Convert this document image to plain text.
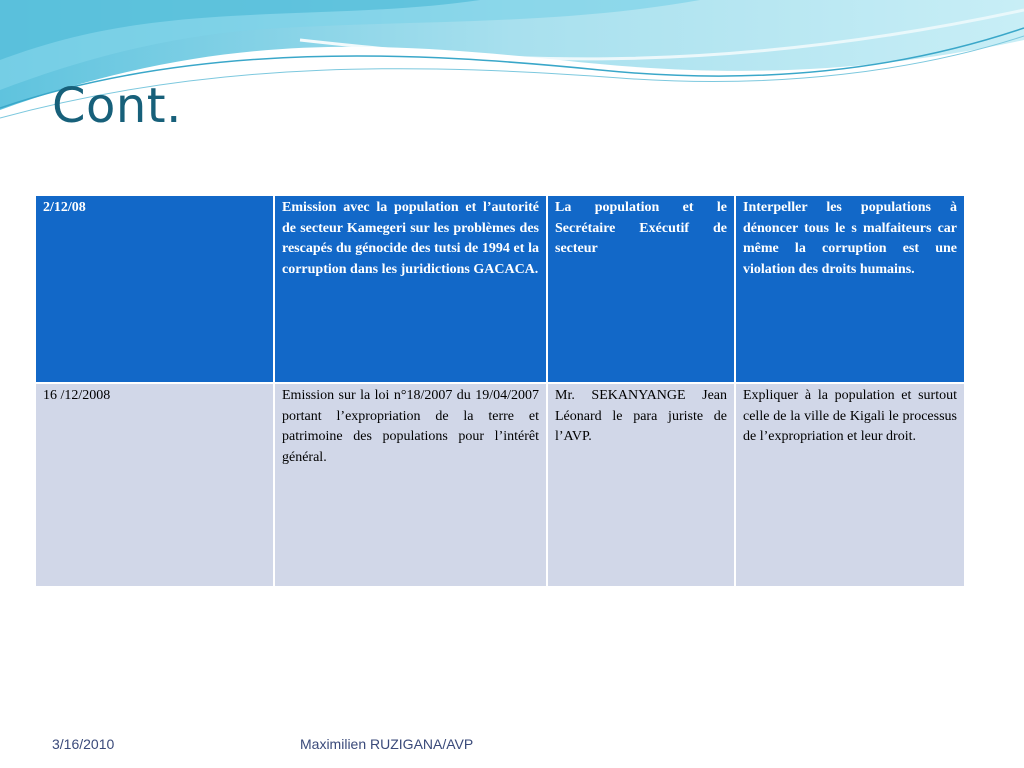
Cont.
2/12/08	Emission avec la population et l’autorité de secteur Kamegeri sur les problèmes des rescapés du génocide des tutsi de 1994 et la corruption dans les juridictions GACACA.	La population et le Secrétaire Exécutif de secteur	Interpeller les populations à dénoncer tous le s malfaiteurs car même la corruption est une violation des droits humains.
16 /12/2008	Emission sur la loi n°18/2007 du 19/04/2007 portant l’expropriation de la terre et patrimoine des populations pour l’intérêt général.	Mr. SEKANYANGE Jean Léonard le para juriste de l’AVP.	Expliquer à la population et surtout celle de la ville de Kigali le processus de l’expropriation et leur droit.
3/16/2010	Maximilien RUZIGANA/AVP
